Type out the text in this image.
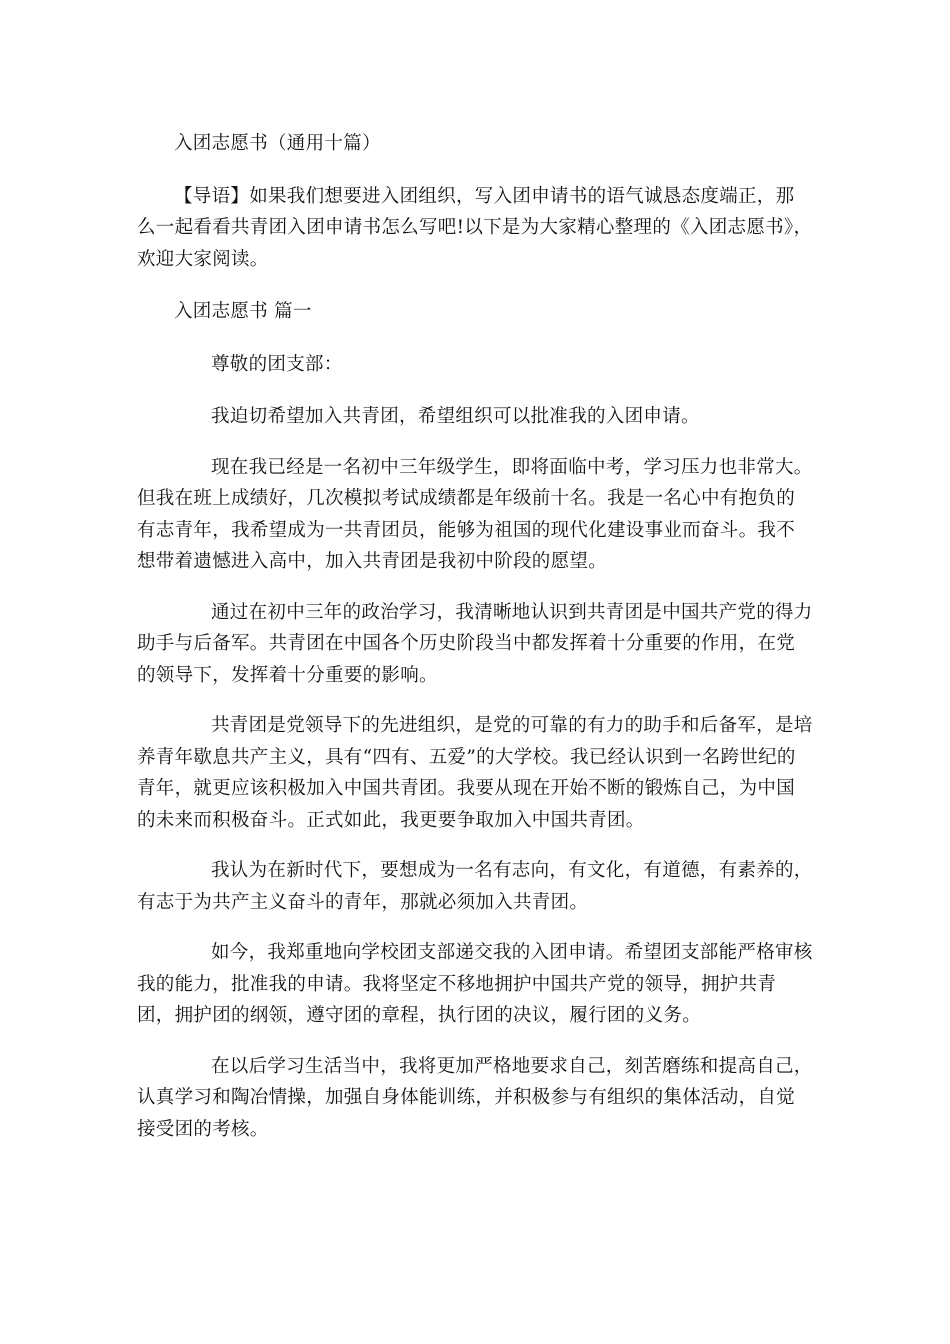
入团志愿书（通用十篇）

【导语】如果我们想要进入团组织，写入团申请书的语气诚恳态度端正，那么一起看看共青团入团申请书怎么写吧!以下是为大家精心整理的《入团志愿书》，欢迎大家阅读。

入团志愿书 篇一

尊敬的团支部：

我迫切希望加入共青团，希望组织可以批准我的入团申请。

现在我已经是一名初中三年级学生，即将面临中考，学习压力也非常大。但我在班上成绩好，几次模拟考试成绩都是年级前十名。我是一名心中有抱负的有志青年，我希望成为一共青团员，能够为祖国的现代化建设事业而奋斗。我不想带着遗憾进入高中，加入共青团是我初中阶段的愿望。

通过在初中三年的政治学习，我清晰地认识到共青团是中国共产党的得力助手与后备军。共青团在中国各个历史阶段当中都发挥着十分重要的作用，在党的领导下，发挥着十分重要的影响。

共青团是党领导下的先进组织，是党的可靠的有力的助手和后备军，是培养青年歇息共产主义，具有“四有、五爱”的大学校。我已经认识到一名跨世纪的青年，就更应该积极加入中国共青团。我要从现在开始不断的锻炼自己，为中国的未来而积极奋斗。正式如此，我更要争取加入中国共青团。

我认为在新时代下，要想成为一名有志向，有文化，有道德，有素养的，有志于为共产主义奋斗的青年，那就必须加入共青团。

如今，我郑重地向学校团支部递交我的入团申请。希望团支部能严格审核我的能力，批准我的申请。我将坚定不移地拥护中国共产党的领导，拥护共青团，拥护团的纲领，遵守团的章程，执行团的决议，履行团的义务。

在以后学习生活当中，我将更加严格地要求自己，刻苦磨练和提高自己，认真学习和陶冶情操，加强自身体能训练，并积极参与有组织的集体活动，自觉接受团的考核。
